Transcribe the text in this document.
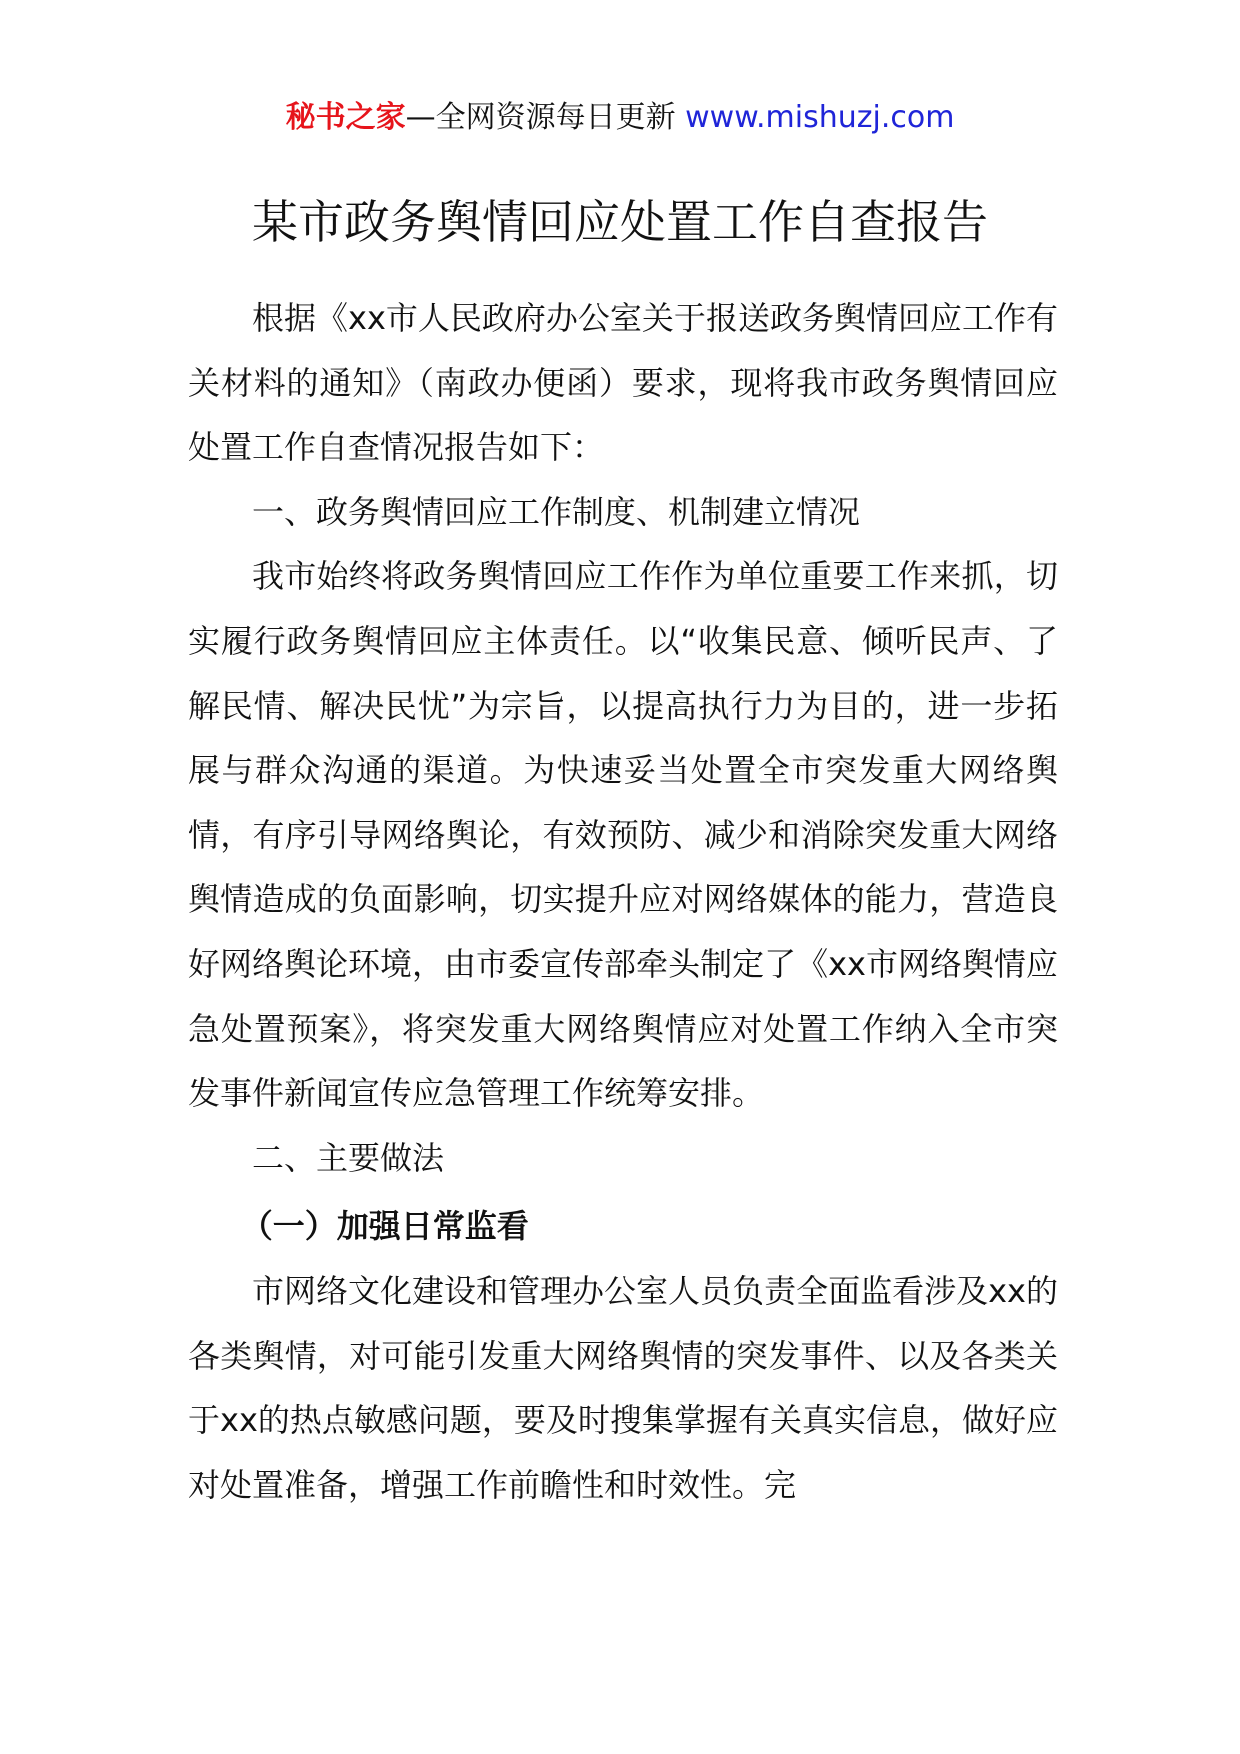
秘书之家—全网资源每日更新 www.mishuzj.com
某市政务舆情回应处置工作自查报告

根据《xx市人民政府办公室关于报送政务舆情回应工作有关材料的通知》（南政办便函）要求，现将我市政务舆情回应处置工作自查情况报告如下：

一、政务舆情回应工作制度、机制建立情况

我市始终将政务舆情回应工作作为单位重要工作来抓，切实履行政务舆情回应主体责任。以“收集民意、倾听民声、了解民情、解决民忧”为宗旨，以提高执行力为目的，进一步拓展与群众沟通的渠道。为快速妥当处置全市突发重大网络舆情，有序引导网络舆论，有效预防、减少和消除突发重大网络舆情造成的负面影响，切实提升应对网络媒体的能力，营造良好网络舆论环境，由市委宣传部牵头制定了《xx市网络舆情应急处置预案》，将突发重大网络舆情应对处置工作纳入全市突发事件新闻宣传应急管理工作统筹安排。

二、主要做法

（一）加强日常监看

市网络文化建设和管理办公室人员负责全面监看涉及xx的各类舆情，对可能引发重大网络舆情的突发事件、以及各类关于xx的热点敏感问题，要及时搜集掌握有关真实信息，做好应对处置准备，增强工作前瞻性和时效性。完
